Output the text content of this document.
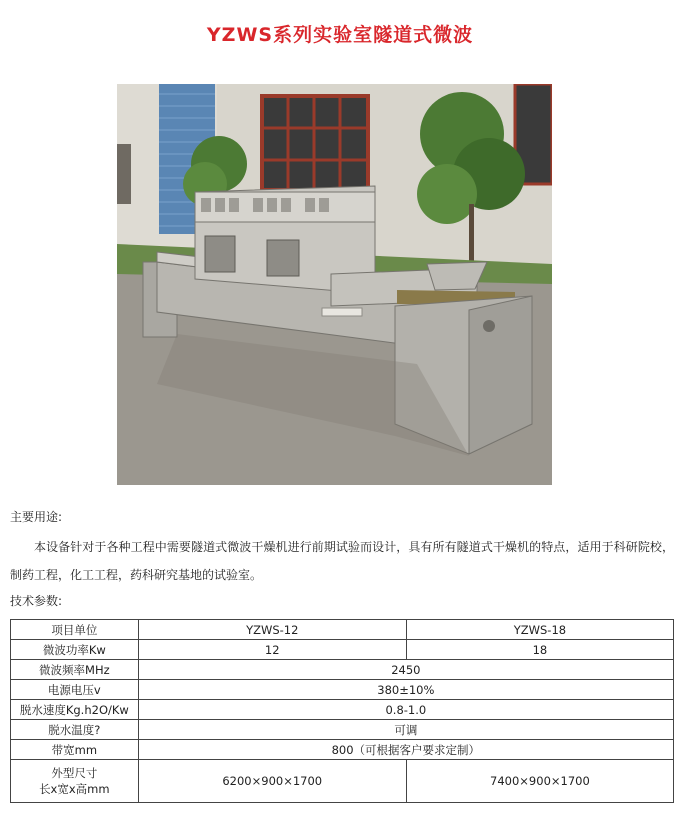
YZWS系列实验室隧道式微波
主要用途:
本设备针对于各种工程中需要隧道式微波干燥机进行前期试验而设计，具有所有隧道式干燥机的特点，适用于科研院校，制药工程，化工工程，药科研究基地的试验室。
技术参数:
项目单位	YZWS-12	YZWS-18
微波功率Kw	12	18
微波频率MHz	2450	
电源电压v	380±10%	
脱水速度Kg.h2O/Kw	0.8-1.0	
脱水温度?	可调	
带宽mm	800（可根据客户要求定制）	

外型尺寸
长x宽x高mm	6200×900×1700	7400×900×1700
